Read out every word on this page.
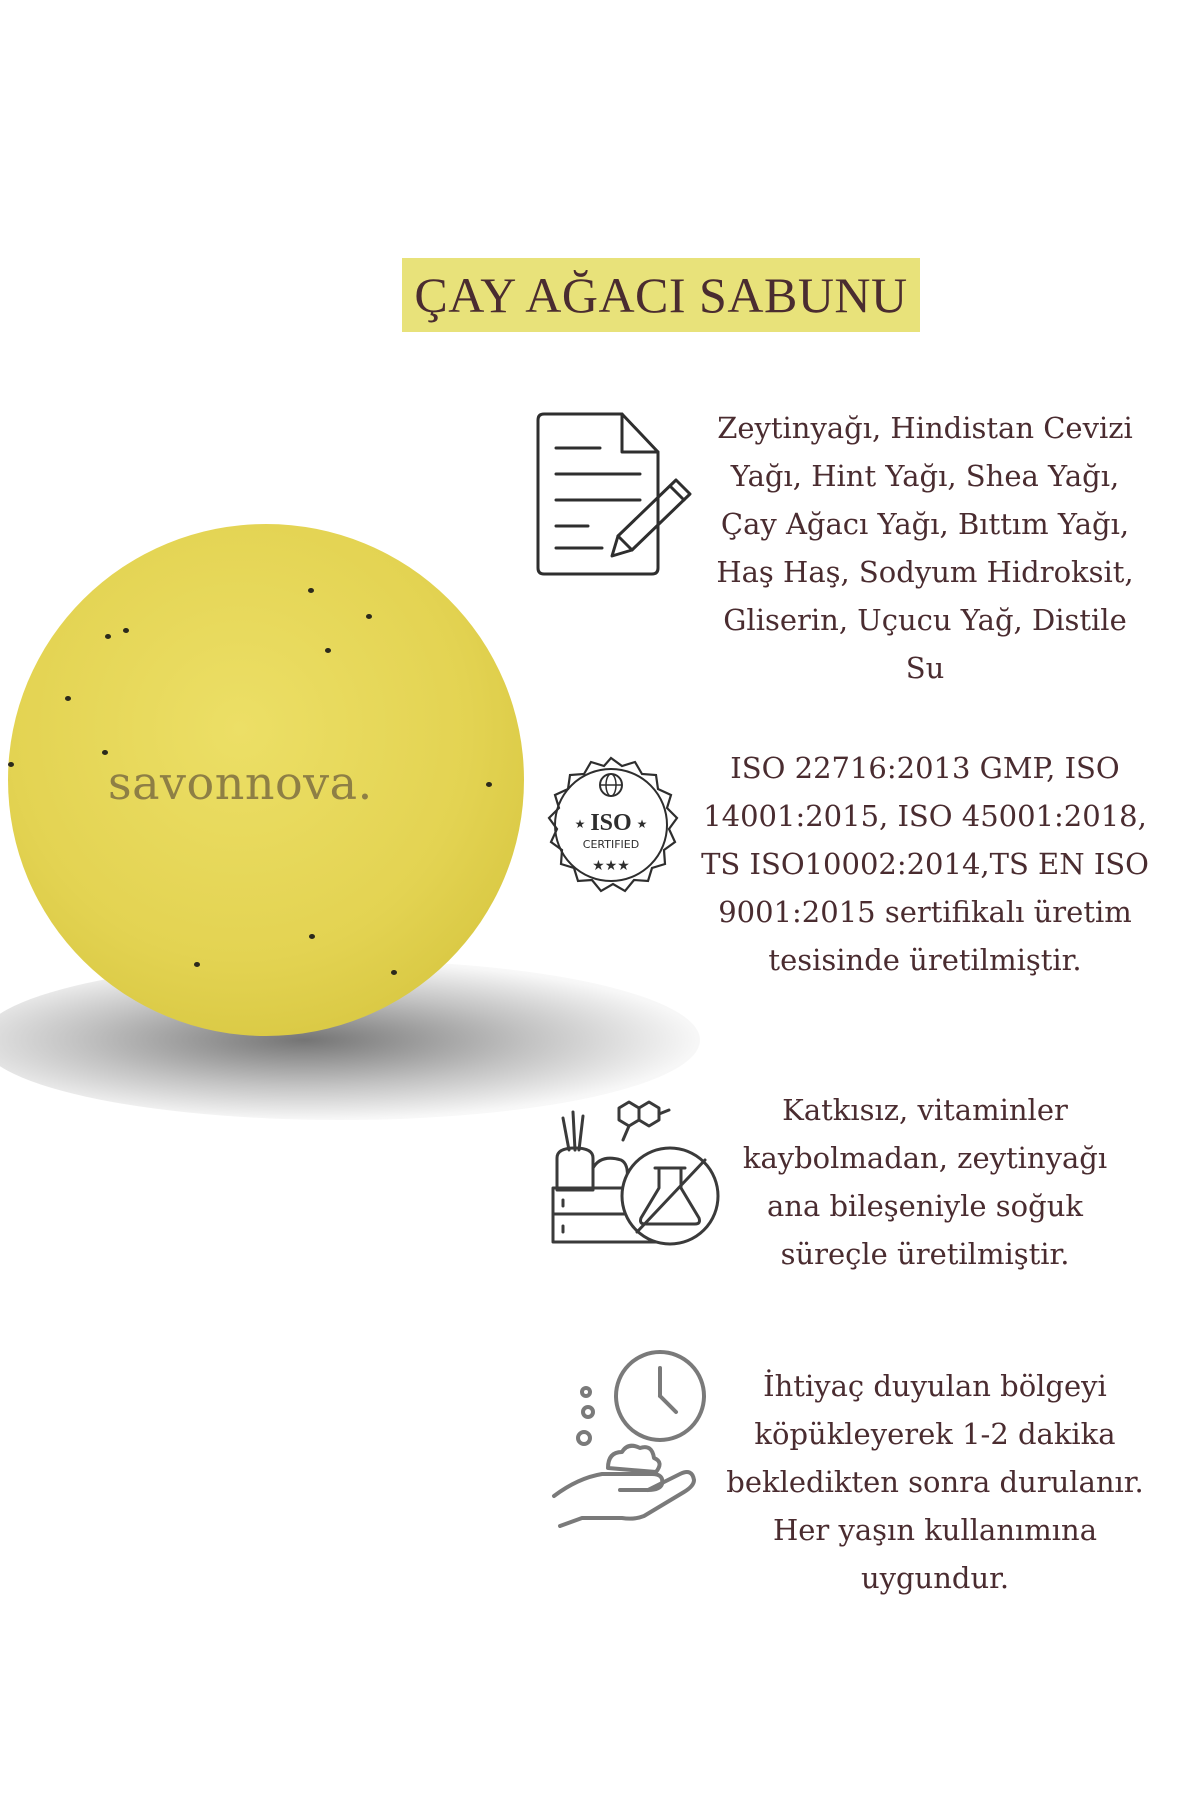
ÇAY AĞACI SABUNU
savonnova.
Zeytinyağı, Hindistan Cevizi Yağı, Hint Yağı, Shea Yağı, Çay Ağacı Yağı, Bıttım Yağı, Haş Haş, Sodyum Hidroksit, Gliserin, Uçucu Yağ, Distile Su
ISO
★	★
CERTIFIED
★★★
ISO 22716:2013 GMP, ISO 14001:2015, ISO 45001:2018, TS ISO10002:2014,TS EN ISO 9001:2015 sertifikalı üretim tesisinde üretilmiştir.
Katkısız, vitaminler kaybolmadan, zeytinyağı ana bileşeniyle soğuk süreçle üretilmiştir.
İhtiyaç duyulan bölgeyi köpükleyerek 1-2 dakika bekledikten sonra durulanır. Her yaşın kullanımına uygundur.
